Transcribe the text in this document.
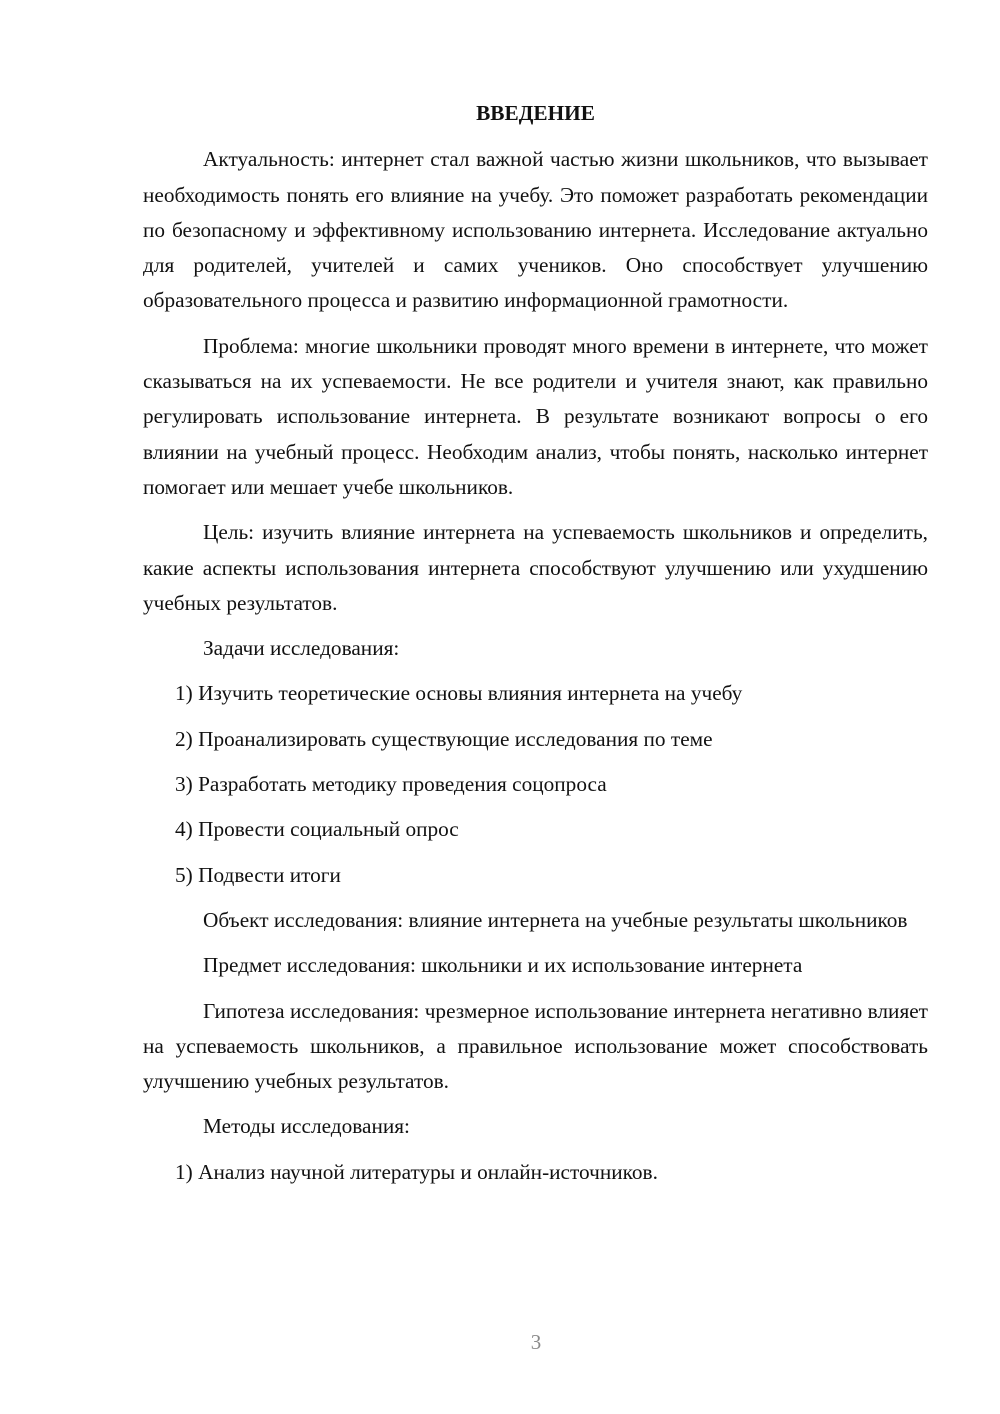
ВВЕДЕНИЕ
Актуальность: интернет стал важной частью жизни школьников, что вызывает необходимость понять его влияние на учебу. Это поможет разработать рекомендации по безопасному и эффективному использованию интернета. Исследование актуально для родителей, учителей и самих учеников. Оно способствует улучшению образовательного процесса и развитию информационной грамотности.
Проблема: многие школьники проводят много времени в интернете, что может сказываться на их успеваемости. Не все родители и учителя знают, как правильно регулировать использование интернета. В результате возникают вопросы о его влиянии на учебный процесс. Необходим анализ, чтобы понять, насколько интернет помогает или мешает учебе школьников.
Цель: изучить влияние интернета на успеваемость школьников и определить, какие аспекты использования интернета способствуют улучшению или ухудшению учебных результатов.
Задачи исследования:
1) Изучить теоретические основы влияния интернета на учебу
2) Проанализировать существующие исследования по теме
3) Разработать методику проведения соцопроса
4) Провести социальный опрос
5) Подвести итоги
Объект исследования: влияние интернета на учебные результаты школьников
Предмет исследования: школьники и их использование интернета
Гипотеза исследования: чрезмерное использование интернета негативно влияет на успеваемость школьников, а правильное использование может способствовать улучшению учебных результатов.
Методы исследования:
1) Анализ научной литературы и онлайн-источников.
3
